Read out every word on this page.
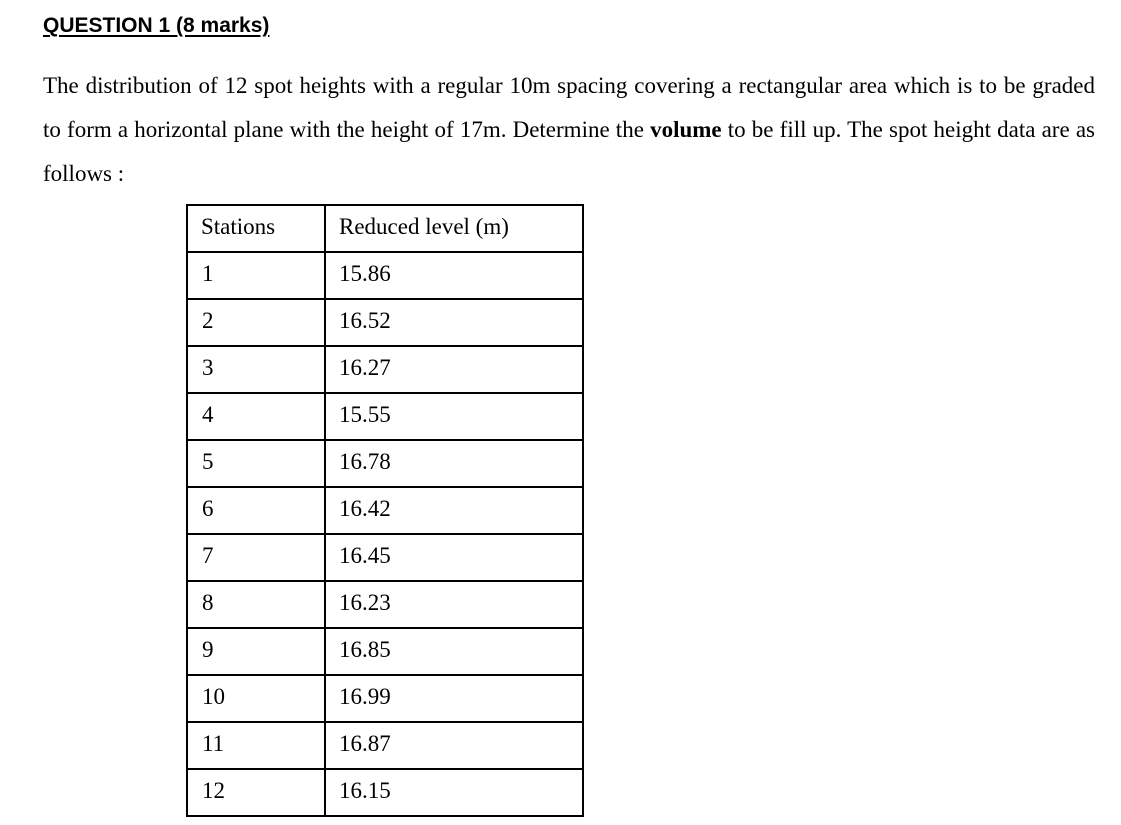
QUESTION 1 (8 marks)

The distribution of 12 spot heights with a regular 10m spacing covering a rectangular area which is to be graded to form a horizontal plane with the height of 17m. Determine the volume to be fill up. The spot height data are as follows :

Stations	Reduced level (m)
1	15.86
2	16.52
3	16.27
4	15.55
5	16.78
6	16.42
7	16.45
8	16.23
9	16.85
10	16.99
11	16.87
12	16.15
